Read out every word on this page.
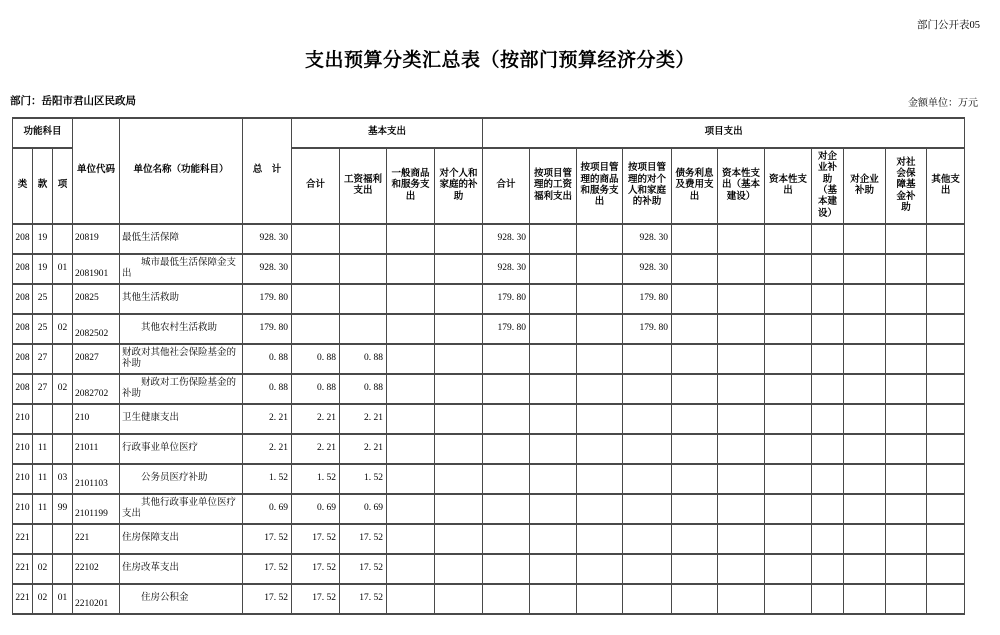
部门公开表05
支出预算分类汇总表（按部门预算经济分类）
部门：岳阳市君山区民政局	金额单位：万元
功能科目			单位代码	单位名称（功能科目）	总　计	基本支出				项目支出										
类	款	项				合计	工资福利支出	一般商品和服务支出	对个人和家庭的补助	合计	按项目管理的工资福利支出	按项目管理的商品和服务支出	按项目管理的对个人和家庭的补助	债务利息及费用支出	资本性支出（基本建设）	资本性支出	对企业补助（基本建设）	对企业补助	对社会保障基金补助	其他支出
208	19		20819	最低生活保障	928. 30					928. 30			928. 30							
208	19	01	2081901	城市最低生活保障金支出	928. 30					928. 30			928. 30							
208	25		20825	其他生活救助	179. 80					179. 80			179. 80							
208	25	02	2082502	其他农村生活救助	179. 80					179. 80			179. 80							
208	27		20827	财政对其他社会保险基金的补助	0. 88	0. 88	0. 88													
208	27	02	2082702	财政对工伤保险基金的补助	0. 88	0. 88	0. 88													
210			210	卫生健康支出	2. 21	2. 21	2. 21													
210	11		21011	行政事业单位医疗	2. 21	2. 21	2. 21													
210	11	03	2101103	公务员医疗补助	1. 52	1. 52	1. 52													
210	11	99	2101199	其他行政事业单位医疗支出	0. 69	0. 69	0. 69													
221			221	住房保障支出	17. 52	17. 52	17. 52													
221	02		22102	住房改革支出	17. 52	17. 52	17. 52													
221	02	01	2210201	住房公积金	17. 52	17. 52	17. 52													
